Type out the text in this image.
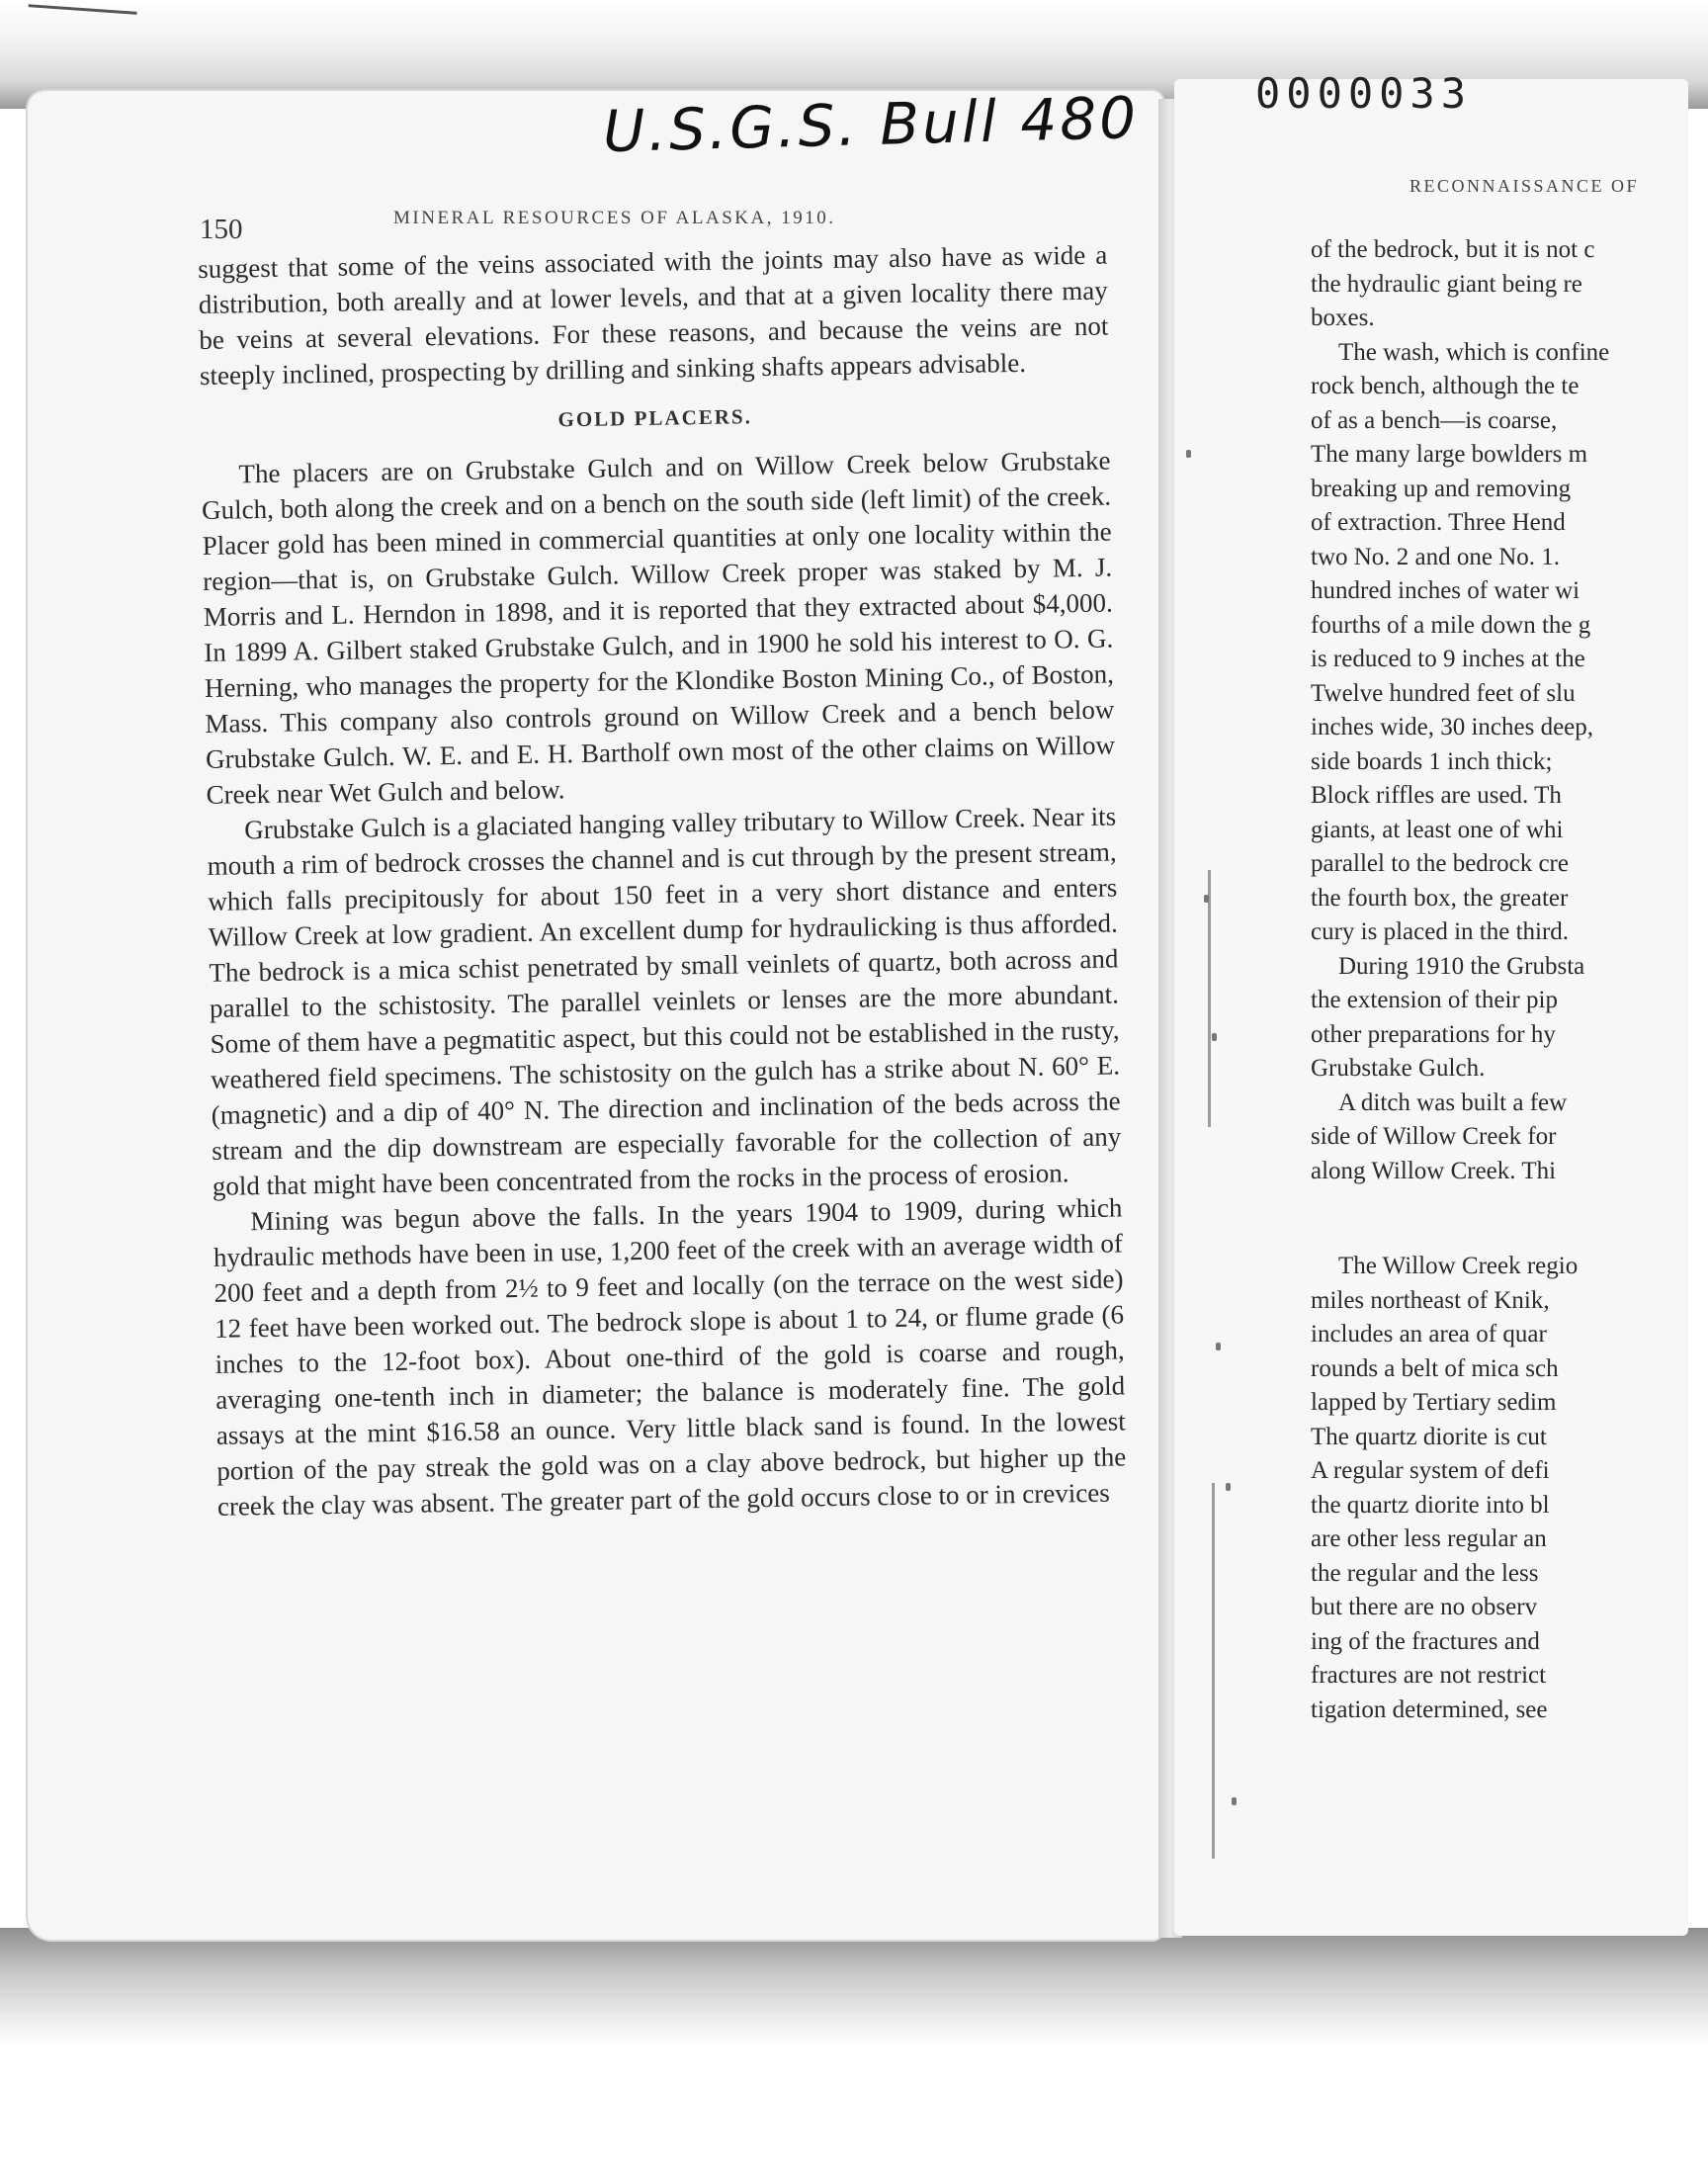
U.S.G.S. Bull 480	0000033
150	MINERAL RESOURCES OF ALASKA, 1910.
RECONNAISSANCE OF

suggest that some of the veins associated with the joints may also have as wide a distribution, both areally and at lower levels, and that at a given locality there may be veins at several elevations. For these reasons, and because the veins are not steeply inclined, prospecting by drilling and sinking shafts appears advisable.

GOLD PLACERS.

The placers are on Grubstake Gulch and on Willow Creek below Grubstake Gulch, both along the creek and on a bench on the south side (left limit) of the creek. Placer gold has been mined in commercial quantities at only one locality within the region—that is, on Grubstake Gulch. Willow Creek proper was staked by M. J. Morris and L. Herndon in 1898, and it is reported that they extracted about $4,000. In 1899 A. Gilbert staked Grubstake Gulch, and in 1900 he sold his interest to O. G. Herning, who manages the property for the Klondike Boston Mining Co., of Boston, Mass. This company also controls ground on Willow Creek and a bench below Grubstake Gulch. W. E. and E. H. Bartholf own most of the other claims on Willow Creek near Wet Gulch and below.

Grubstake Gulch is a glaciated hanging valley tributary to Willow Creek. Near its mouth a rim of bedrock crosses the channel and is cut through by the present stream, which falls precipitously for about 150 feet in a very short distance and enters Willow Creek at low gradient. An excellent dump for hydraulicking is thus afforded. The bedrock is a mica schist penetrated by small veinlets of quartz, both across and parallel to the schistosity. The parallel veinlets or lenses are the more abundant. Some of them have a pegmatitic aspect, but this could not be established in the rusty, weathered field specimens. The schistosity on the gulch has a strike about N. 60° E. (magnetic) and a dip of 40° N. The direction and inclination of the beds across the stream and the dip downstream are especially favorable for the collection of any gold that might have been concentrated from the rocks in the process of erosion.

Mining was begun above the falls. In the years 1904 to 1909, during which hydraulic methods have been in use, 1,200 feet of the creek with an average width of 200 feet and a depth from 2½ to 9 feet and locally (on the terrace on the west side) 12 feet have been worked out. The bedrock slope is about 1 to 24, or flume grade (6 inches to the 12-foot box). About one-third of the gold is coarse and rough, averaging one-tenth inch in diameter; the balance is moderately fine. The gold assays at the mint $16.58 an ounce. Very little black sand is found. In the lowest portion of the pay streak the gold was on a clay above bedrock, but higher up the creek the clay was absent. The greater part of the gold occurs close to or in crevices

of the bedrock, but it is not c
the hydraulic giant being re
boxes.
The wash, which is confine
rock bench, although the te
of as a bench—is coarse,
The many large bowlders m
breaking up and removing
of extraction. Three Hend
two No. 2 and one No. 1.
hundred inches of water wi
fourths of a mile down the g
is reduced to 9 inches at the
Twelve hundred feet of slu
inches wide, 30 inches deep,
side boards 1 inch thick;
Block riffles are used. Th
giants, at least one of whi
parallel to the bedrock cre
the fourth box, the greater
cury is placed in the third.
During 1910 the Grubsta
the extension of their pip
other preparations for hy
Grubstake Gulch.
A ditch was built a few
side of Willow Creek for
along Willow Creek. Thi
The Willow Creek regio
miles northeast of Knik,
includes an area of quar
rounds a belt of mica sch
lapped by Tertiary sedim
The quartz diorite is cut
A regular system of defi
the quartz diorite into bl
are other less regular an
the regular and the less
but there are no observ
ing of the fractures and
fractures are not restrict
tigation determined, see
